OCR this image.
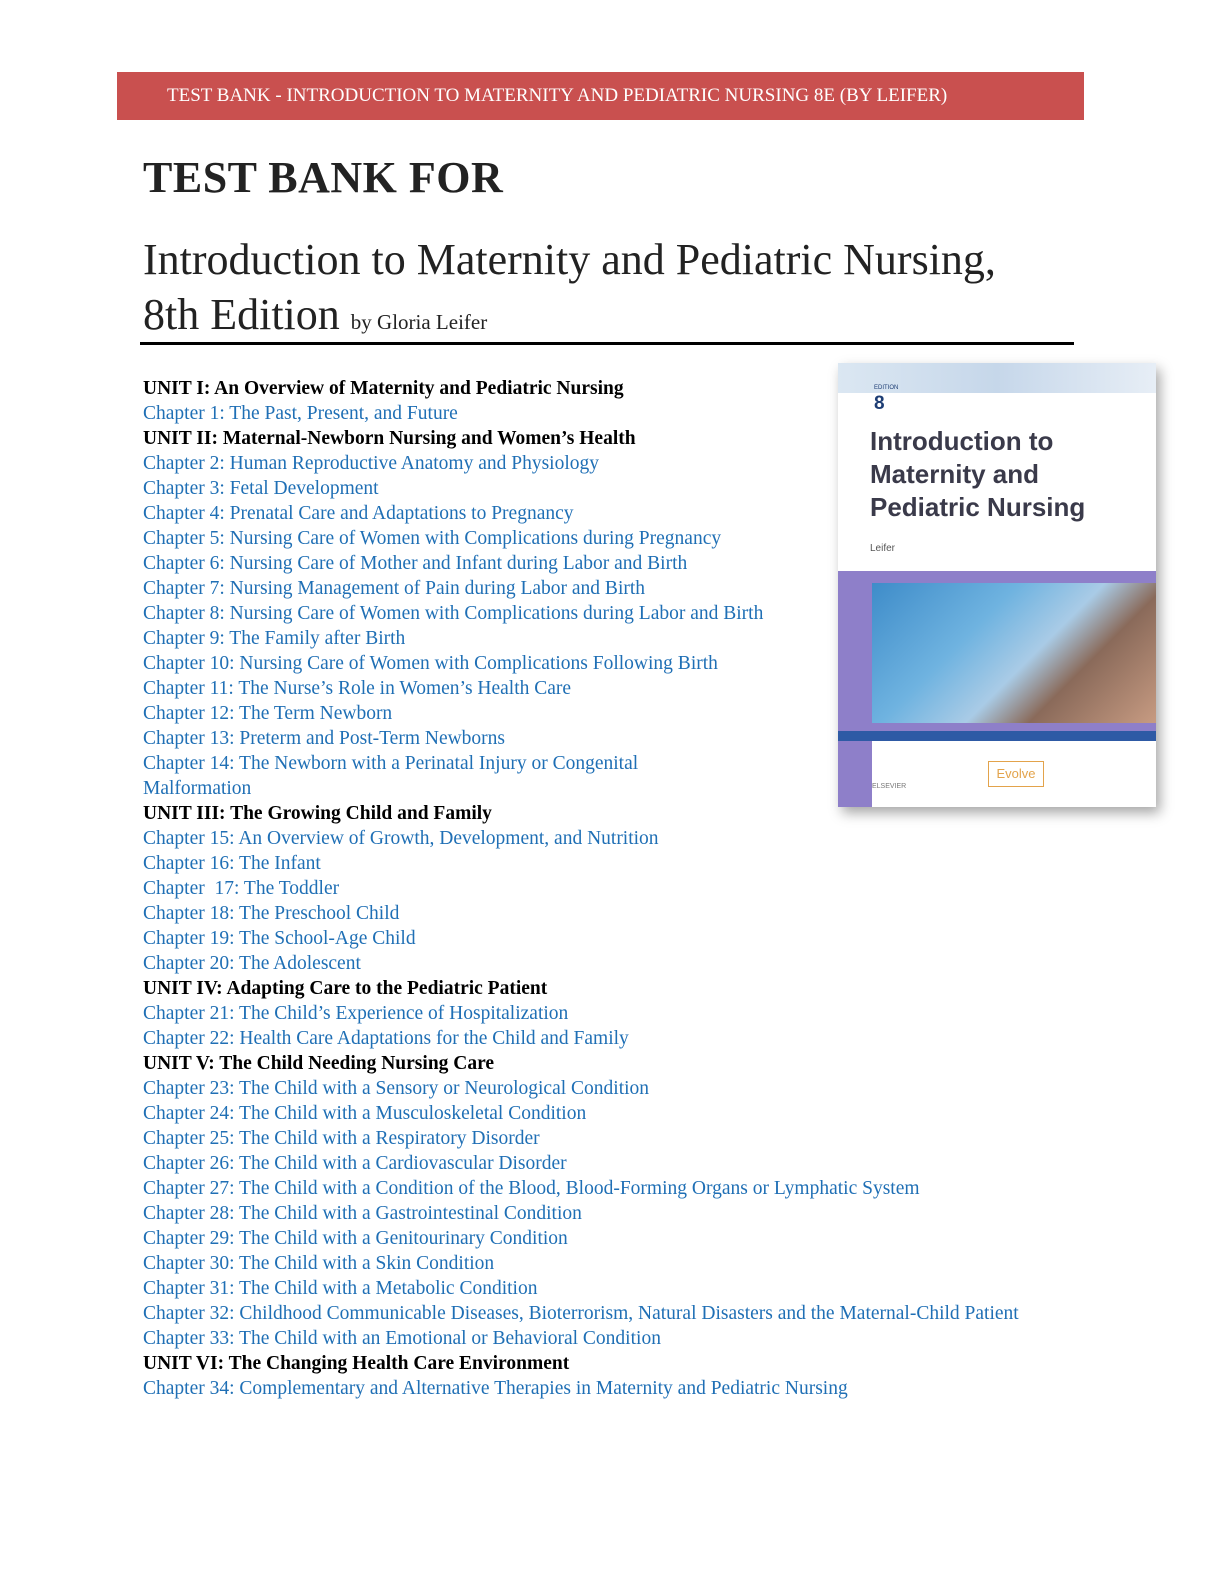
TEST BANK - INTRODUCTION TO MATERNITY AND PEDIATRIC NURSING 8E (BY LEIFER)
TEST BANK FOR
Introduction to Maternity and Pediatric Nursing,
8th Edition by Gloria Leifer
EDITION
8
Introduction to Maternity and Pediatric Nursing
Leifer
Evolve
ELSEVIER
UNIT I: An Overview of Maternity and Pediatric Nursing
Chapter 1: The Past, Present, and Future
UNIT II: Maternal-Newborn Nursing and Women’s Health
Chapter 2: Human Reproductive Anatomy and Physiology
Chapter 3: Fetal Development
Chapter 4: Prenatal Care and Adaptations to Pregnancy
Chapter 5: Nursing Care of Women with Complications during Pregnancy
Chapter 6: Nursing Care of Mother and Infant during Labor and Birth
Chapter 7: Nursing Management of Pain during Labor and Birth
Chapter 8: Nursing Care of Women with Complications during Labor and Birth
Chapter 9: The Family after Birth
Chapter 10: Nursing Care of Women with Complications Following Birth
Chapter 11: The Nurse’s Role in Women’s Health Care
Chapter 12: The Term Newborn
Chapter 13: Preterm and Post-Term Newborns
Chapter 14: The Newborn with a Perinatal Injury or Congenital Malformation
UNIT III: The Growing Child and Family
Chapter 15: An Overview of Growth, Development, and Nutrition
Chapter 16: The Infant
Chapter  17: The Toddler
Chapter 18: The Preschool Child
Chapter 19: The School-Age Child
Chapter 20: The Adolescent
UNIT IV: Adapting Care to the Pediatric Patient
Chapter 21: The Child’s Experience of Hospitalization
Chapter 22: Health Care Adaptations for the Child and Family
UNIT V: The Child Needing Nursing Care
Chapter 23: The Child with a Sensory or Neurological Condition
Chapter 24: The Child with a Musculoskeletal Condition
Chapter 25: The Child with a Respiratory Disorder
Chapter 26: The Child with a Cardiovascular Disorder
Chapter 27: The Child with a Condition of the Blood, Blood-Forming Organs or Lymphatic System
Chapter 28: The Child with a Gastrointestinal Condition
Chapter 29: The Child with a Genitourinary Condition
Chapter 30: The Child with a Skin Condition
Chapter 31: The Child with a Metabolic Condition
Chapter 32: Childhood Communicable Diseases, Bioterrorism, Natural Disasters and the Maternal-Child Patient
Chapter 33: The Child with an Emotional or Behavioral Condition
UNIT VI: The Changing Health Care Environment
Chapter 34: Complementary and Alternative Therapies in Maternity and Pediatric Nursing
